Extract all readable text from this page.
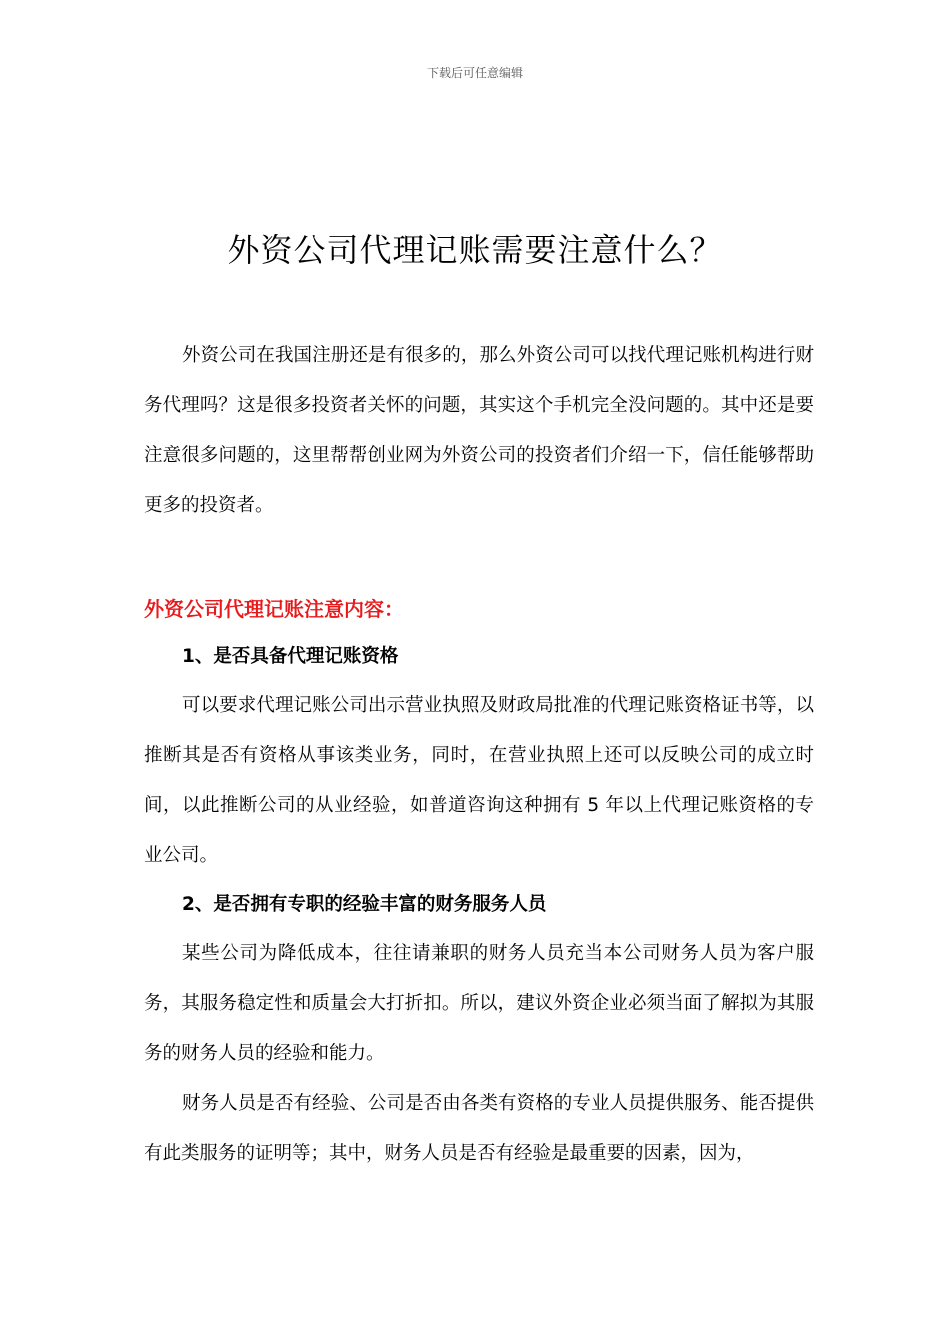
下载后可任意编辑
外资公司代理记账需要注意什么？

外资公司在我国注册还是有很多的，那么外资公司可以找代理记账机构进行财务代理吗？这是很多投资者关怀的问题，其实这个手机完全没问题的。其中还是要注意很多问题的，这里帮帮创业网为外资公司的投资者们介绍一下，信任能够帮助更多的投资者。

外资公司代理记账注意内容：
1、是否具备代理记账资格

可以要求代理记账公司出示营业执照及财政局批准的代理记账资格证书等，以推断其是否有资格从事该类业务，同时，在营业执照上还可以反映公司的成立时间，以此推断公司的从业经验，如普道咨询这种拥有 5 年以上代理记账资格的专业公司。

2、是否拥有专职的经验丰富的财务服务人员

某些公司为降低成本，往往请兼职的财务人员充当本公司财务人员为客户服务，其服务稳定性和质量会大打折扣。所以，建议外资企业必须当面了解拟为其服务的财务人员的经验和能力。

财务人员是否有经验、公司是否由各类有资格的专业人员提供服务、能否提供有此类服务的证明等；其中，财务人员是否有经验是最重要的因素，因为，
